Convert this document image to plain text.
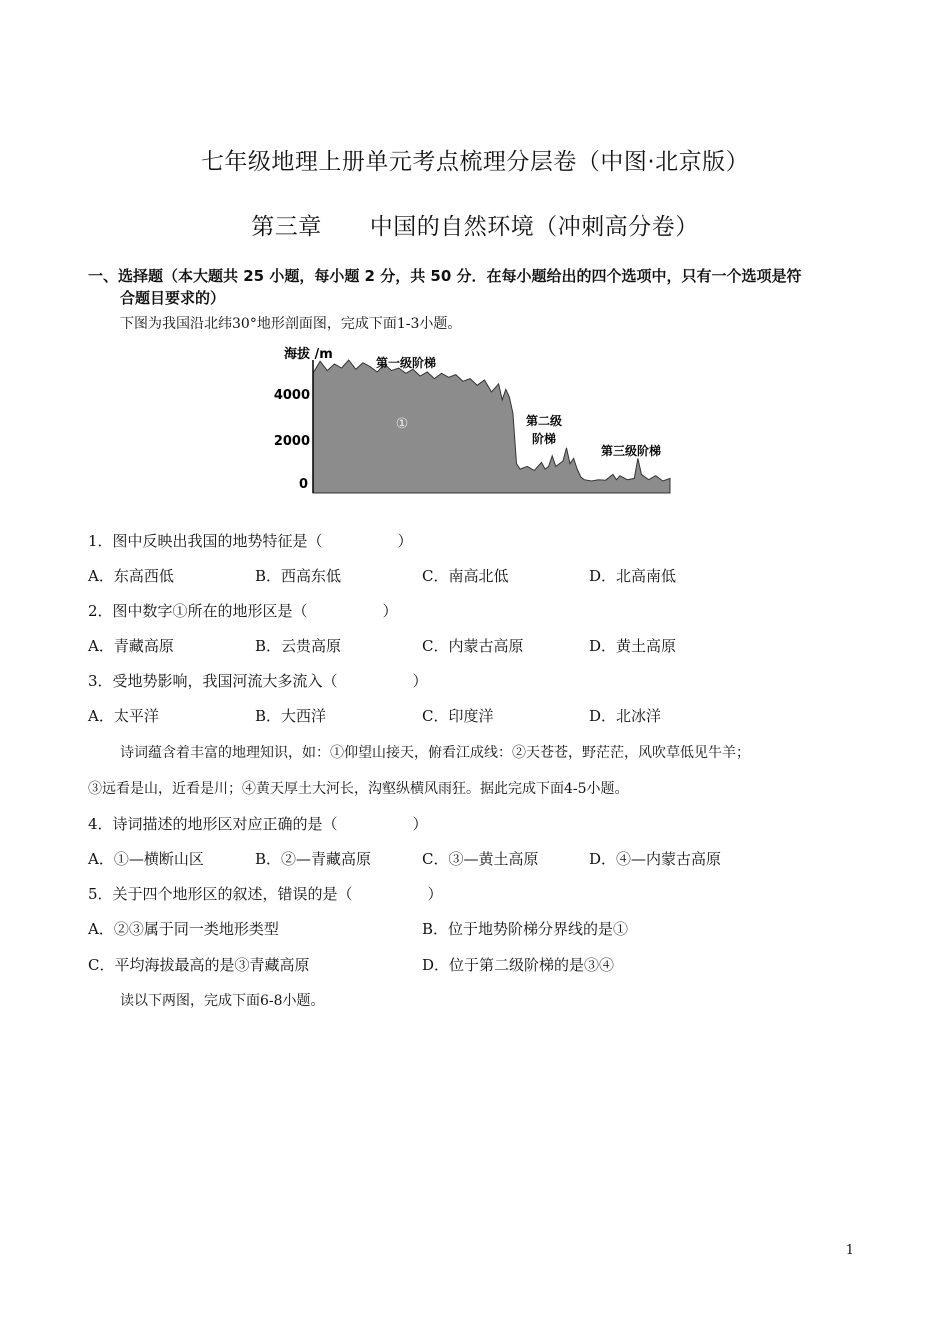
七年级地理上册单元考点梳理分层卷（中图·北京版）
第三章 中国的自然环境（冲刺高分卷）
一、选择题（本大题共 25 小题，每小题 2 分，共 50 分．在每小题给出的四个选项中，只有一个选项是符
合题目要求的）
下图为我国沿北纬30°地形剖面图，完成下面1-3小题。
海拔 /m
0
2000
4000
第一级阶梯
①	第二级
阶梯
第三级阶梯
1．图中反映出我国的地势特征是（　　　　　）
A．东高西低	B．西高东低	C．南高北低	D．北高南低
2．图中数字①所在的地形区是（　　　　　）
A．青藏高原	B．云贵高原	C．内蒙古高原	D．黄土高原
3．受地势影响，我国河流大多流入（　　　　　）
A．太平洋	B．大西洋	C．印度洋	D．北冰洋
诗词蕴含着丰富的地理知识，如：①仰望山接天，俯看江成线：②天苍苍，野茫茫，风吹草低见牛羊；
③远看是山，近看是川；④黄天厚土大河长，沟壑纵横风雨狂。据此完成下面4-5小题。
4．诗词描述的地形区对应正确的是（　　　　　）
A．①—横断山区	B．②—青藏高原	C．③—黄土高原	D．④—内蒙古高原
5．关于四个地形区的叙述，错误的是（　　　　　）
A．②③属于同一类地形类型	B．位于地势阶梯分界线的是①
C．平均海拔最高的是③青藏高原	D．位于第二级阶梯的是③④
读以下两图，完成下面6-8小题。
1
